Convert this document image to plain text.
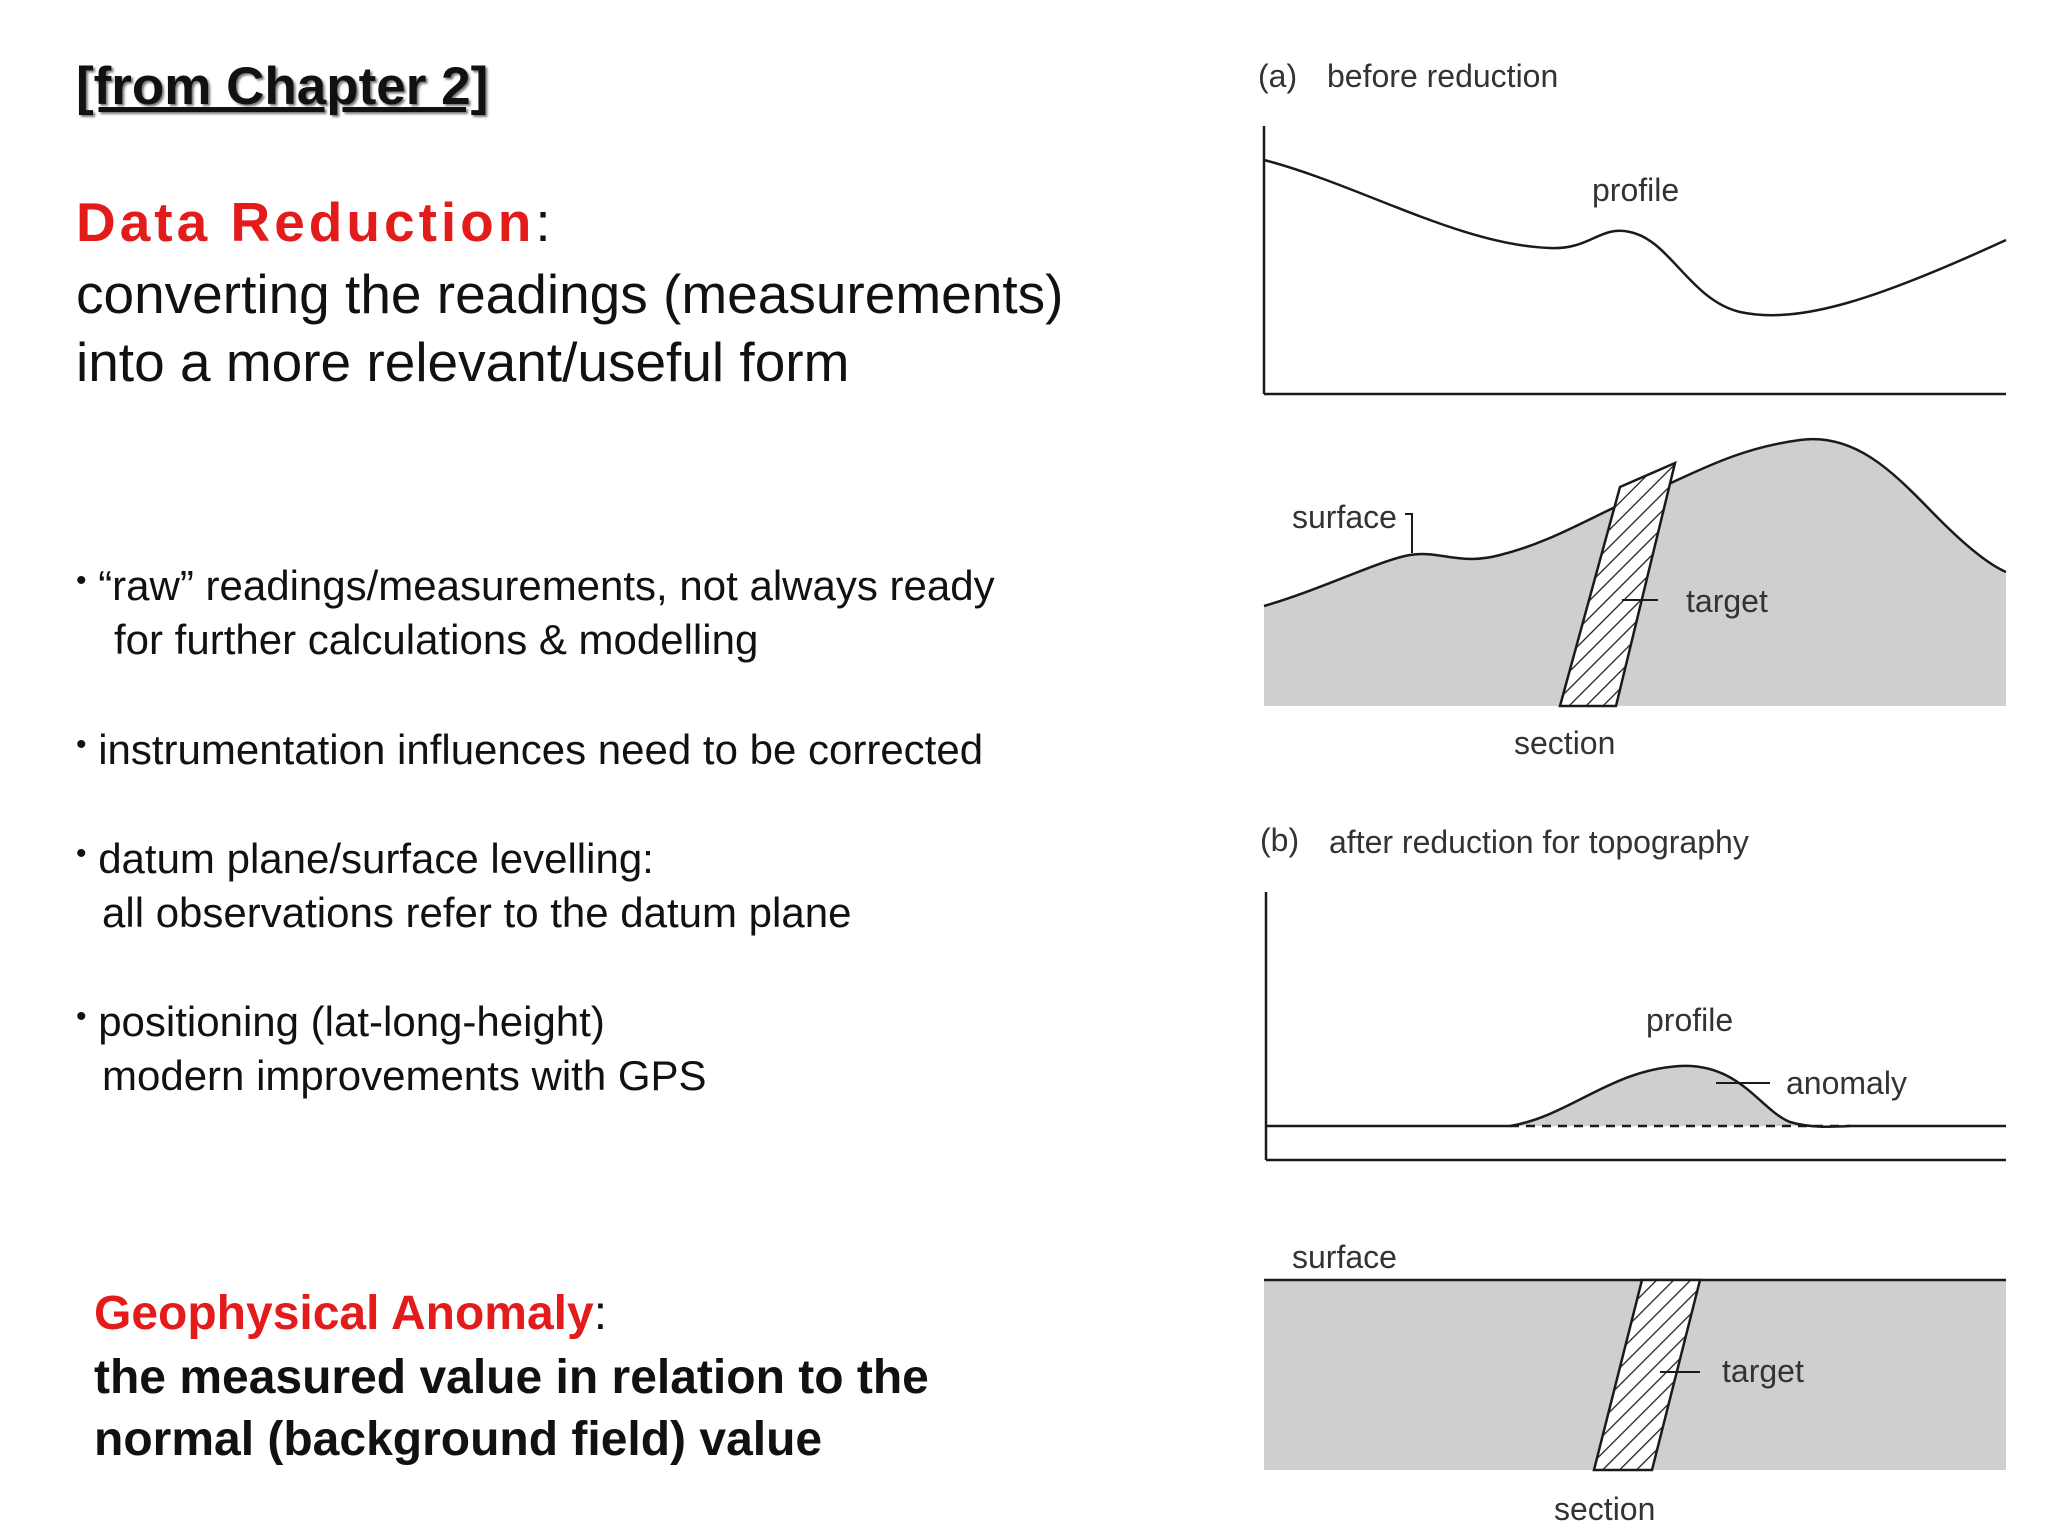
[from Chapter 2]
Data Reduction:
converting the readings (measurements)
into a more relevant/useful form
• “raw” readings/measurements, not always ready
for further calculations & modelling
• instrumentation influences need to be corrected
• datum plane/surface levelling:
all observations refer to the datum plane
• positioning (lat-long-height)
modern improvements with GPS
Geophysical Anomaly:
the measured value in relation to the
normal (background field) value
(a) before reduction
profile
surface
target
section
(b) after reduction for topography
profile
anomaly
surface
target
section
